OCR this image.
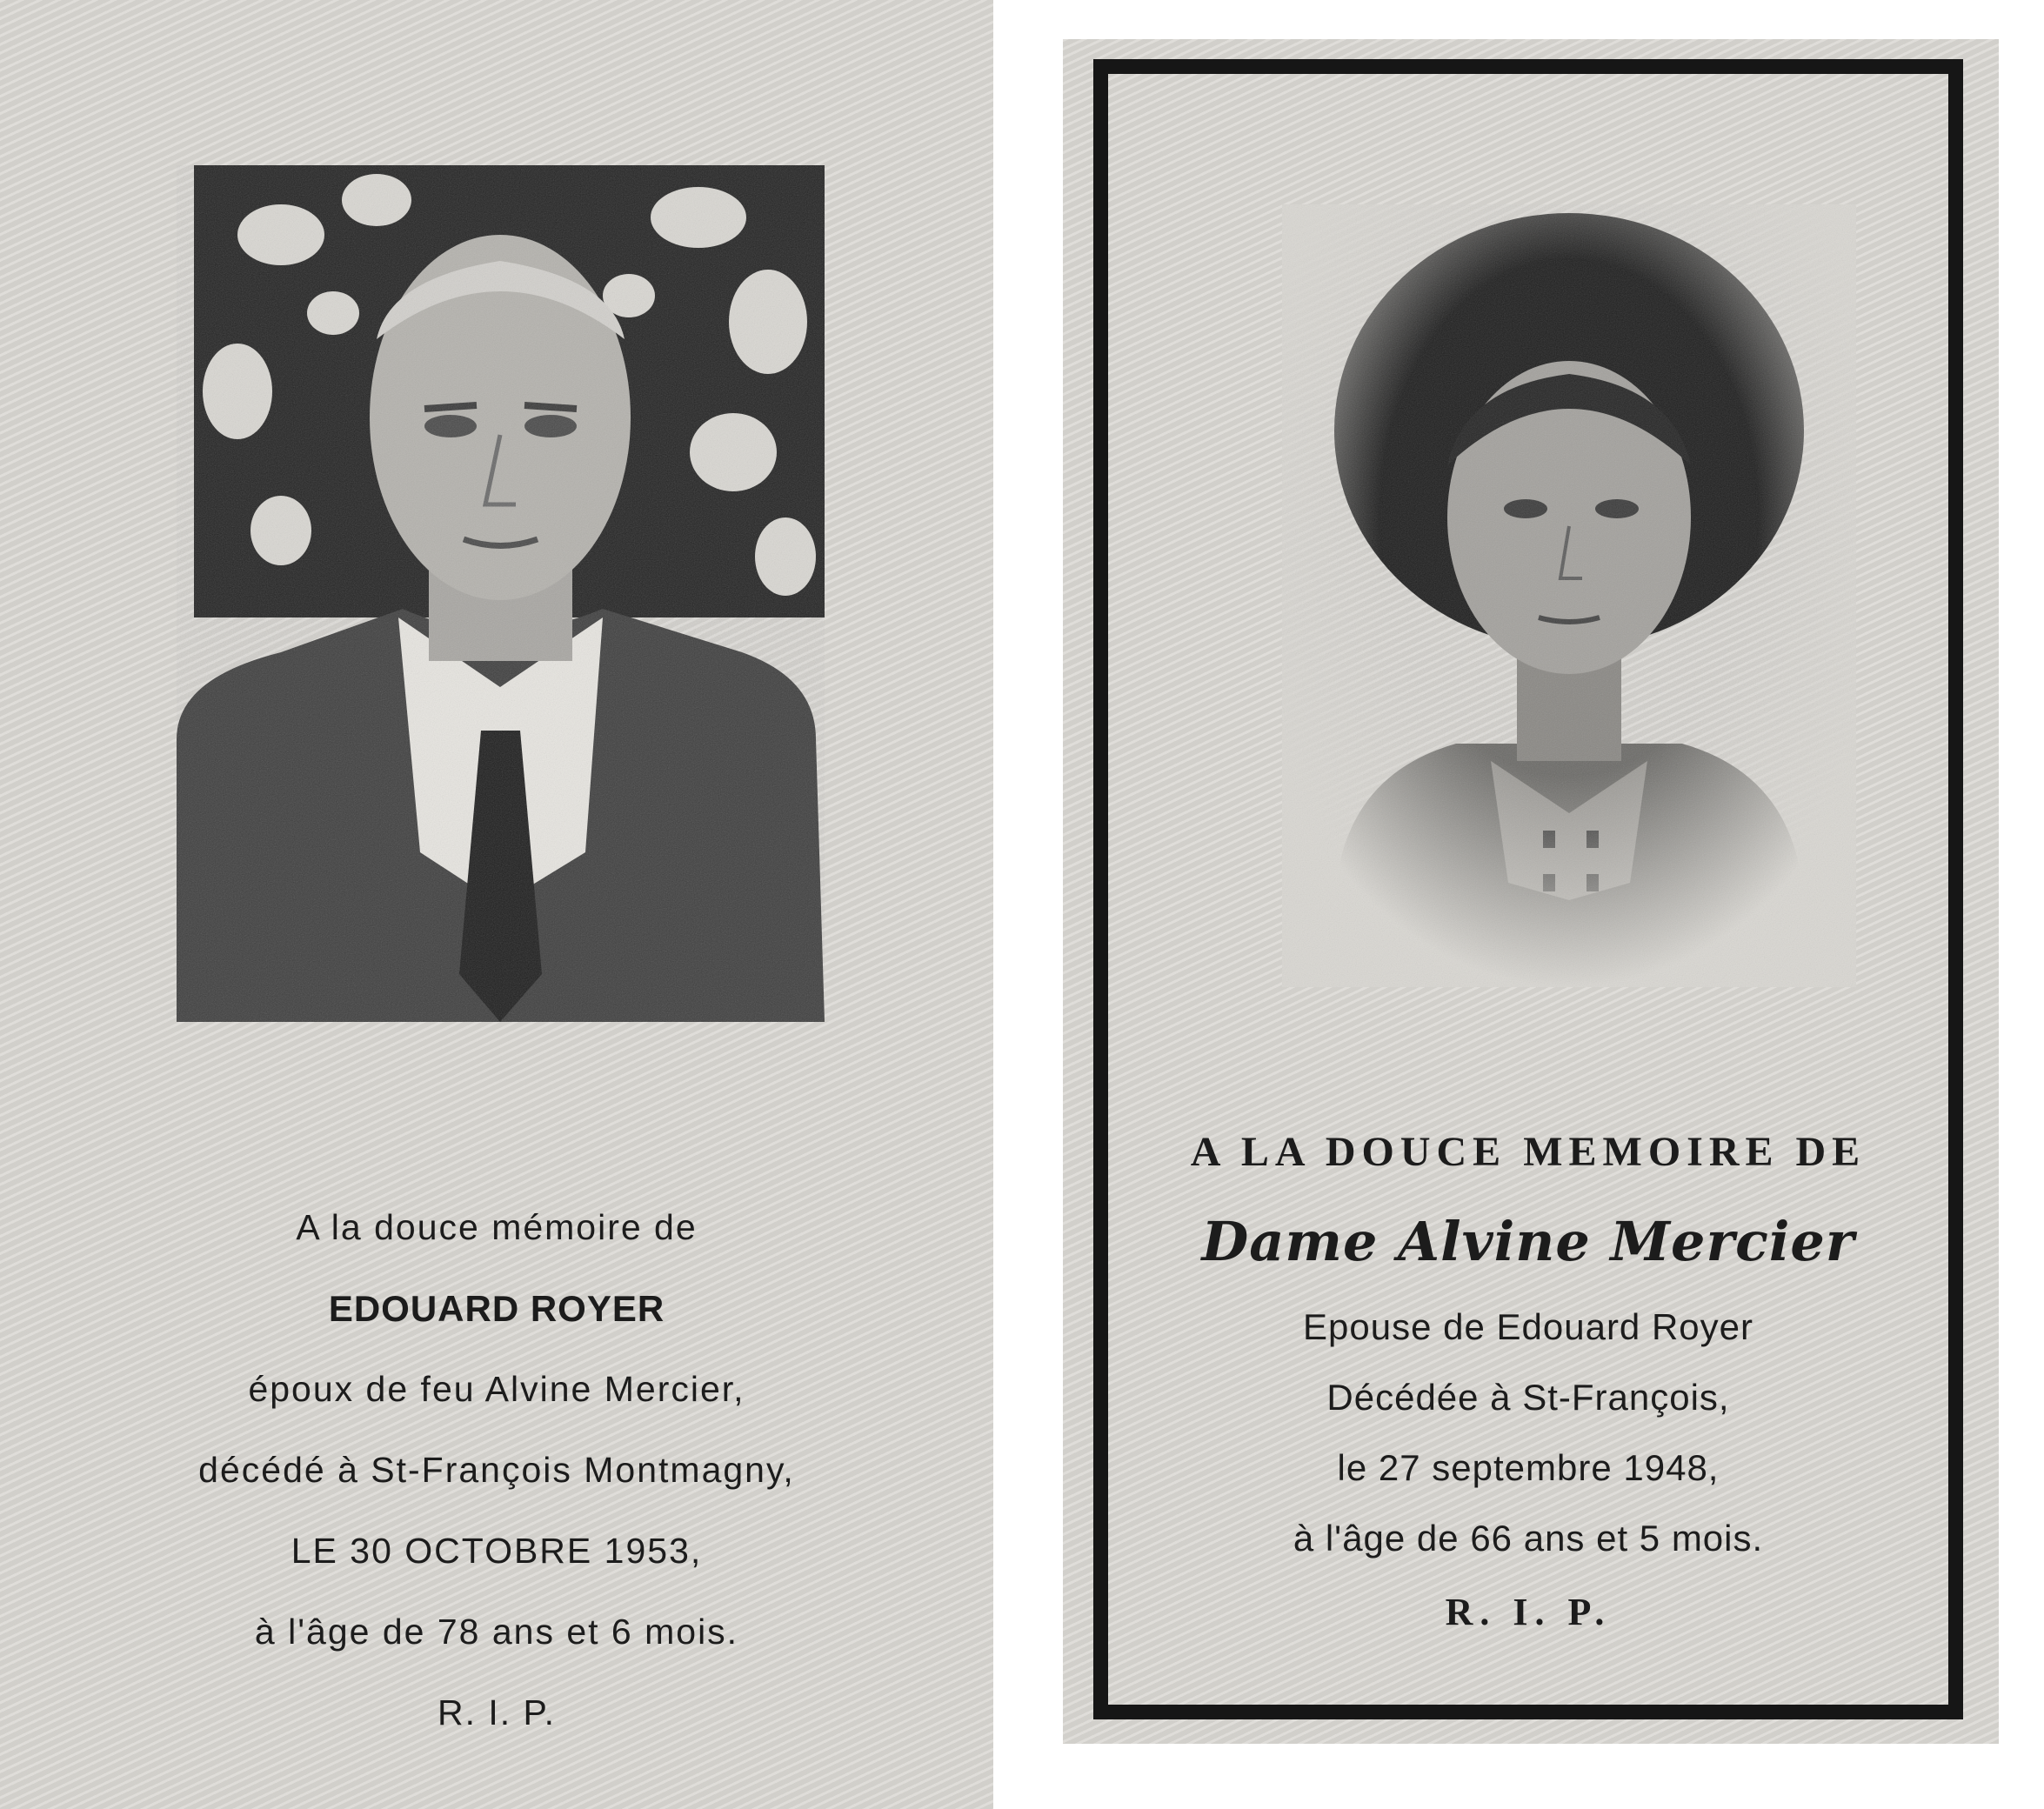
A la douce mémoire de
EDOUARD ROYER
époux de feu Alvine Mercier,
décédé à St-François Montmagny,
LE 30 OCTOBRE 1953,
à l'âge de 78 ans et 6 mois.
R. I. P.
A LA DOUCE MEMOIRE DE
Dame Alvine Mercier
Epouse de Edouard Royer
Décédée à St-François,
le 27 septembre 1948,
à l'âge de 66 ans et 5 mois.
R. I. P.
